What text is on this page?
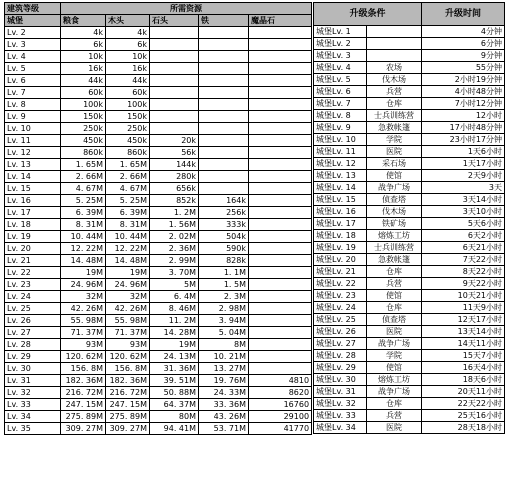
建筑等级	所需资源				
城堡	粮食	木头	石头	铁	魔晶石
Lv. 2	4k	4k			
Lv. 3	6k	6k			
Lv. 4	10k	10k			
Lv. 5	16k	16k			
Lv. 6	44k	44k			
Lv. 7	60k	60k			
Lv. 8	100k	100k			
Lv. 9	150k	150k			
Lv. 10	250k	250k			
Lv. 11	450k	450k	20k		
Lv. 12	860k	860k	56k		
Lv. 13	1. 65M	1. 65M	144k		
Lv. 14	2. 66M	2. 66M	280k		
Lv. 15	4. 67M	4. 67M	656k		
Lv. 16	5. 25M	5. 25M	852k	164k	
Lv. 17	6. 39M	6. 39M	1. 2M	256k	
Lv. 18	8. 31M	8. 31M	1. 56M	333k	
Lv. 19	10. 44M	10. 44M	2. 02M	504k	
Lv. 20	12. 22M	12. 22M	2. 36M	590k	
Lv. 21	14. 48M	14. 48M	2. 99M	828k	
Lv. 22	19M	19M	3. 70M	1. 1M	
Lv. 23	24. 96M	24. 96M	5M	1. 5M	
Lv. 24	32M	32M	6. 4M	2. 3M	
Lv. 25	42. 26M	42. 26M	8. 46M	2. 98M	
Lv. 26	55. 98M	55. 98M	11. 2M	3. 94M	
Lv. 27	71. 37M	71. 37M	14. 28M	5. 04M	
Lv. 28	93M	93M	19M	8M	
Lv. 29	120. 62M	120. 62M	24. 13M	10. 21M	
Lv. 30	156. 8M	156. 8M	31. 36M	13. 27M	
Lv. 31	182. 36M	182. 36M	39. 51M	19. 76M	4810
Lv. 32	216. 72M	216. 72M	50. 88M	24. 33M	8620
Lv. 33	247. 15M	247. 15M	64. 37M	33. 36M	16760
Lv. 34	275. 89M	275. 89M	80M	43. 26M	29100
Lv. 35	309. 27M	309. 27M	94. 41M	53. 71M	41770
升级条件		升级时间
城堡Lv. 1		4分钟
城堡Lv. 2		6分钟
城堡Lv. 3		9分钟
城堡Lv. 4	农场	55分钟
城堡Lv. 5	伐木场	2小时19分钟
城堡Lv. 6	兵营	4小时48分钟
城堡Lv. 7	仓库	7小时12分钟
城堡Lv. 8	士兵训练营	12小时
城堡Lv. 9	急救帐篷	17小时48分钟
城堡Lv. 10	学院	23小时17分钟
城堡Lv. 11	医院	1天6小时
城堡Lv. 12	采石场	1天17小时
城堡Lv. 13	使馆	2天9小时
城堡Lv. 14	战争广场	3天
城堡Lv. 15	侦查塔	3天14小时
城堡Lv. 16	伐木场	3天10小时
城堡Lv. 17	铁矿场	5天6小时
城堡Lv. 18	熔炼工坊	6天2小时
城堡Lv. 19	士兵训练营	6天21小时
城堡Lv. 20	急救帐篷	7天22小时
城堡Lv. 21	仓库	8天22小时
城堡Lv. 22	兵营	9天22小时
城堡Lv. 23	使馆	10天21小时
城堡Lv. 24	仓库	11天9小时
城堡Lv. 25	侦查塔	12天17小时
城堡Lv. 26	医院	13天14小时
城堡Lv. 27	战争广场	14天11小时
城堡Lv. 28	学院	15天7小时
城堡Lv. 29	使馆	16天4小时
城堡Lv. 30	熔炼工坊	18天6小时
城堡Lv. 31	战争广场	20天11小时
城堡Lv. 32	仓库	22天22小时
城堡Lv. 33	兵营	25天16小时
城堡Lv. 34	医院	28天18小时
